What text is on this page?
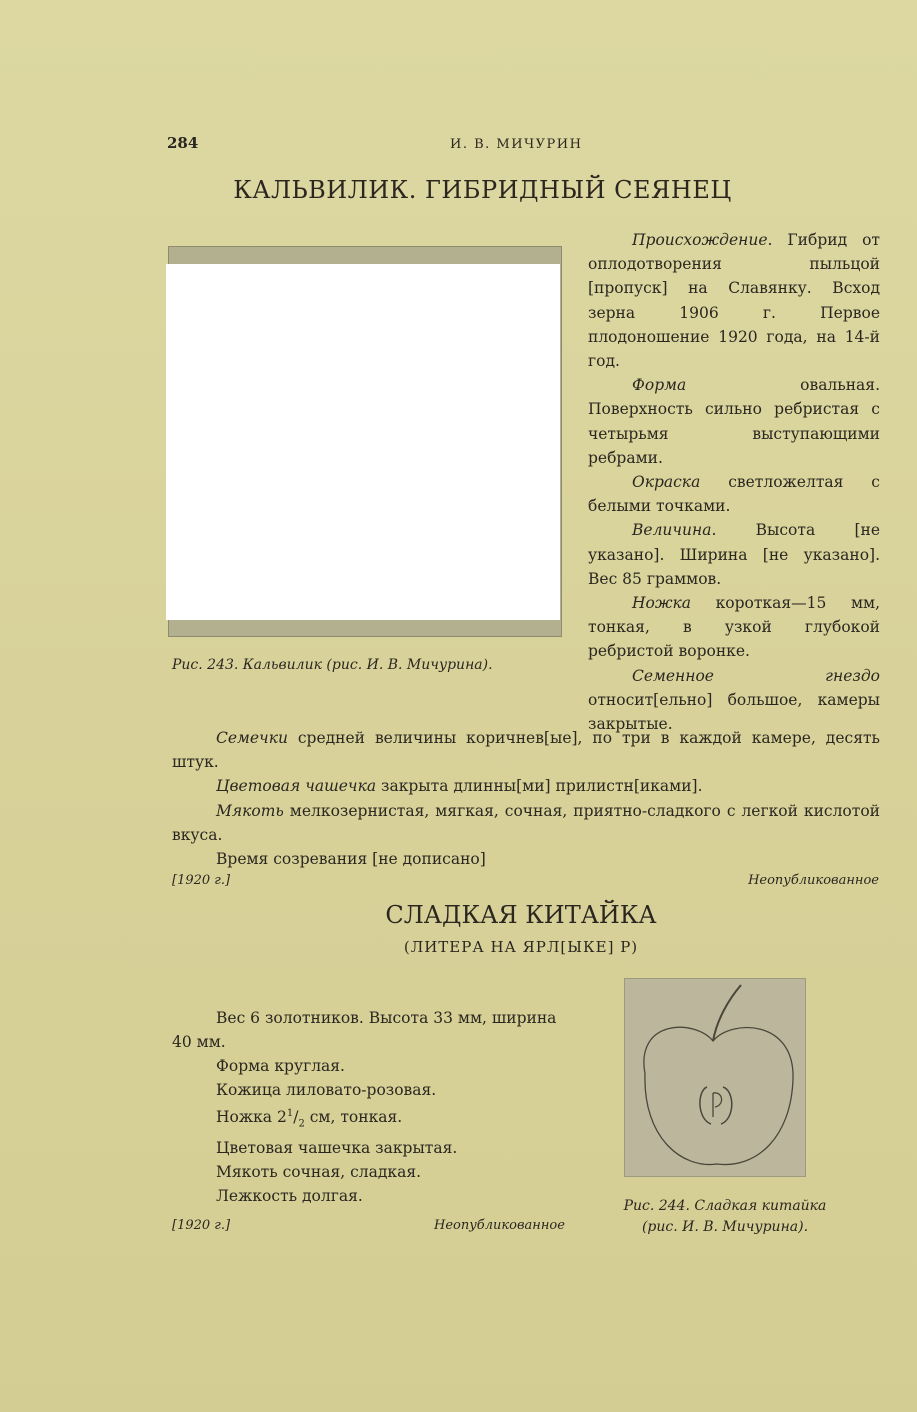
284	И. В. МИЧУРИН
КАЛЬВИЛИК. ГИБРИДНЫЙ СЕЯНЕЦ
Рис. 243. Кальвилик (рис. И. В. Мичурина).

Происхождение. Гибрид от оплодотворения пыльцой [пропуск] на Славянку. Всход зерна 1906 г. Первое плодоношение 1920 года, на 14-й год.

Форма овальная. Поверхность сильно ребристая с четырьмя выступающими ребрами.

Окраска светложелтая с белыми точками.

Величина. Высота [не указано]. Ширина [не указано]. Вес 85 граммов.

Ножка короткая—15 мм, тонкая, в узкой глубокой ребристой воронке.

Семенное гнездо относит[ельно] большое, камеры закрытые.

Семечки средней величины коричнев[ые], по три в каждой камере, десять штук.

Цветовая чашечка закрыта длинны[ми] прилистн[иками].

Мякоть мелкозернистая, мягкая, сочная, приятно-сладкого с легкой кислотой вкуса.

Время созревания [не дописано]

[1920 г.]	Неопубликованное
СЛАДКАЯ КИТАЙКА
(ЛИТЕРА НА ЯРЛ[ЫКЕ] Р)

Вес 6 золотников. Высота 33 мм, ширина 40 мм.

Форма круглая.

Кожица лиловато-розовая.

Ножка $2^1/_2$ см, тонкая.

Цветовая чашечка закрытая.

Мякоть сочная, сладкая.

Лежкость долгая.

Рис. 244. Сладкая китайка
(рис. И. В. Мичурина).
[1920 г.]	Неопубликованное
